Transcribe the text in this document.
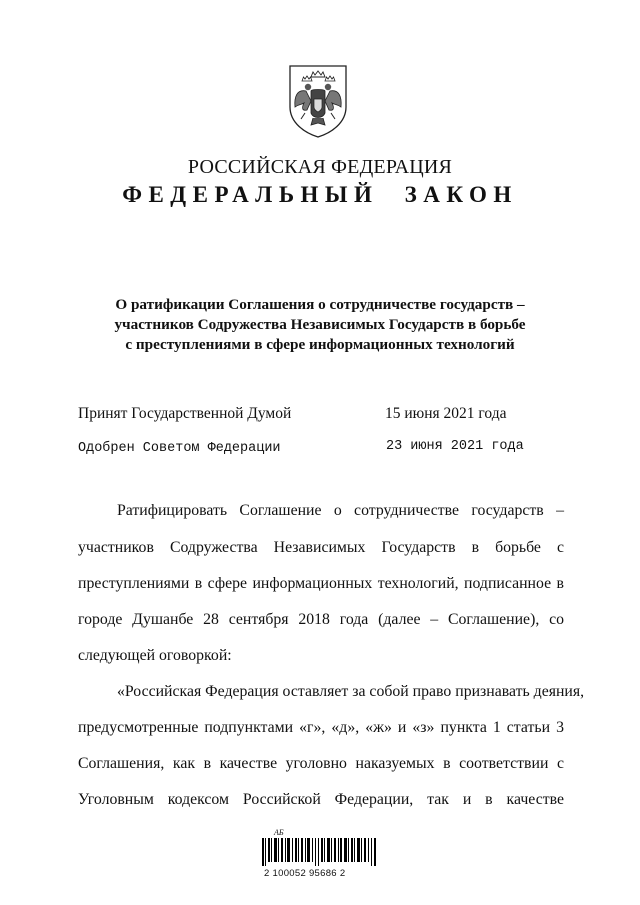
РОССИЙСКАЯ ФЕДЕРАЦИЯ
ФЕДЕРАЛЬНЫЙ ЗАКОН
О ратификации Соглашения о сотрудничестве государств –
участников Содружества Независимых Государств в борьбе
с преступлениями в сфере информационных технологий
Принят Государственной Думой	15 июня 2021 года
Одобрен Советом Федерации	23 июня 2021 года
Ратифицировать Соглашение о сотрудничестве государств –
участников Содружества Независимых Государств в борьбе с
преступлениями в сфере информационных технологий, подписанное в
городе Душанбе 28 сентября 2018 года (далее – Соглашение), со
следующей оговоркой:
«Российская Федерация оставляет за собой право признавать деяния,
предусмотренные подпунктами «г», «д», «ж» и «з» пункта 1 статьи 3
Соглашения, как в качестве уголовно наказуемых в соответствии с
Уголовным кодексом Российской Федерации, так и в качестве
АБ
2 100052 95686 2
